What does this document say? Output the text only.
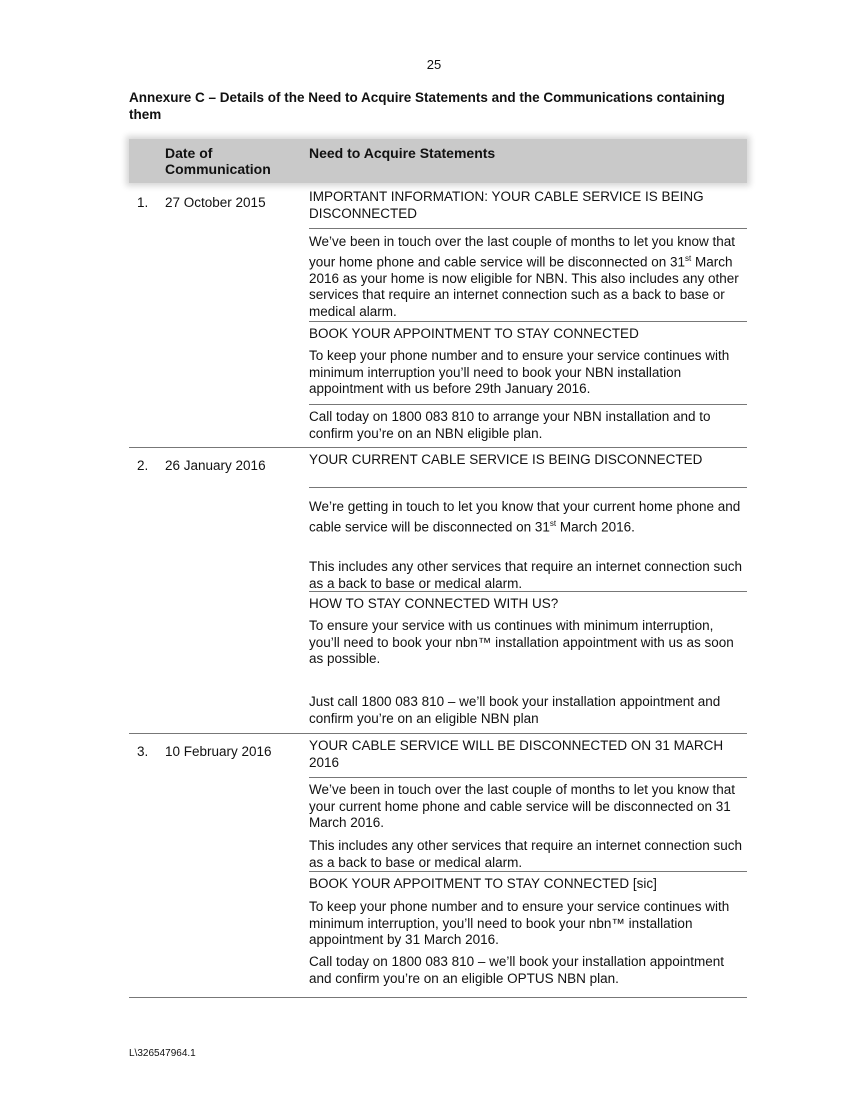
25
Annexure C – Details of the Need to Acquire Statements and the Communications containing them
Date of Communication
Need to Acquire Statements
1. 27 October 2015	IMPORTANT INFORMATION: YOUR CABLE SERVICE IS BEING DISCONNECTED
We’ve been in touch over the last couple of months to let you know that your home phone and cable service will be disconnected on 31st March 2016 as your home is now eligible for NBN. This also includes any other services that require an internet connection such as a back to base or medical alarm.
BOOK YOUR APPOINTMENT TO STAY CONNECTED
To keep your phone number and to ensure your service continues with minimum interruption you’ll need to book your NBN installation appointment with us before 29th January 2016.
Call today on 1800 083 810 to arrange your NBN installation and to confirm you’re on an NBN eligible plan.
2. 26 January 2016	YOUR CURRENT CABLE SERVICE IS BEING DISCONNECTED
We’re getting in touch to let you know that your current home phone and cable service will be disconnected on 31st March 2016.
This includes any other services that require an internet connection such as a back to base or medical alarm.
HOW TO STAY CONNECTED WITH US?
To ensure your service with us continues with minimum interruption, you’ll need to book your nbn™ installation appointment with us as soon as possible.
Just call 1800 083 810 – we’ll book your installation appointment and confirm you’re on an eligible NBN plan
3. 10 February 2016	YOUR CABLE SERVICE WILL BE DISCONNECTED ON 31 MARCH 2016
We’ve been in touch over the last couple of months to let you know that your current home phone and cable service will be disconnected on 31 March 2016.
This includes any other services that require an internet connection such as a back to base or medical alarm.
BOOK YOUR APPOITMENT TO STAY CONNECTED [sic]
To keep your phone number and to ensure your service continues with minimum interruption, you’ll need to book your nbn™ installation appointment by 31 March 2016.
Call today on 1800 083 810 – we’ll book your installation appointment and confirm you’re on an eligible OPTUS NBN plan.
L\326547964.1
